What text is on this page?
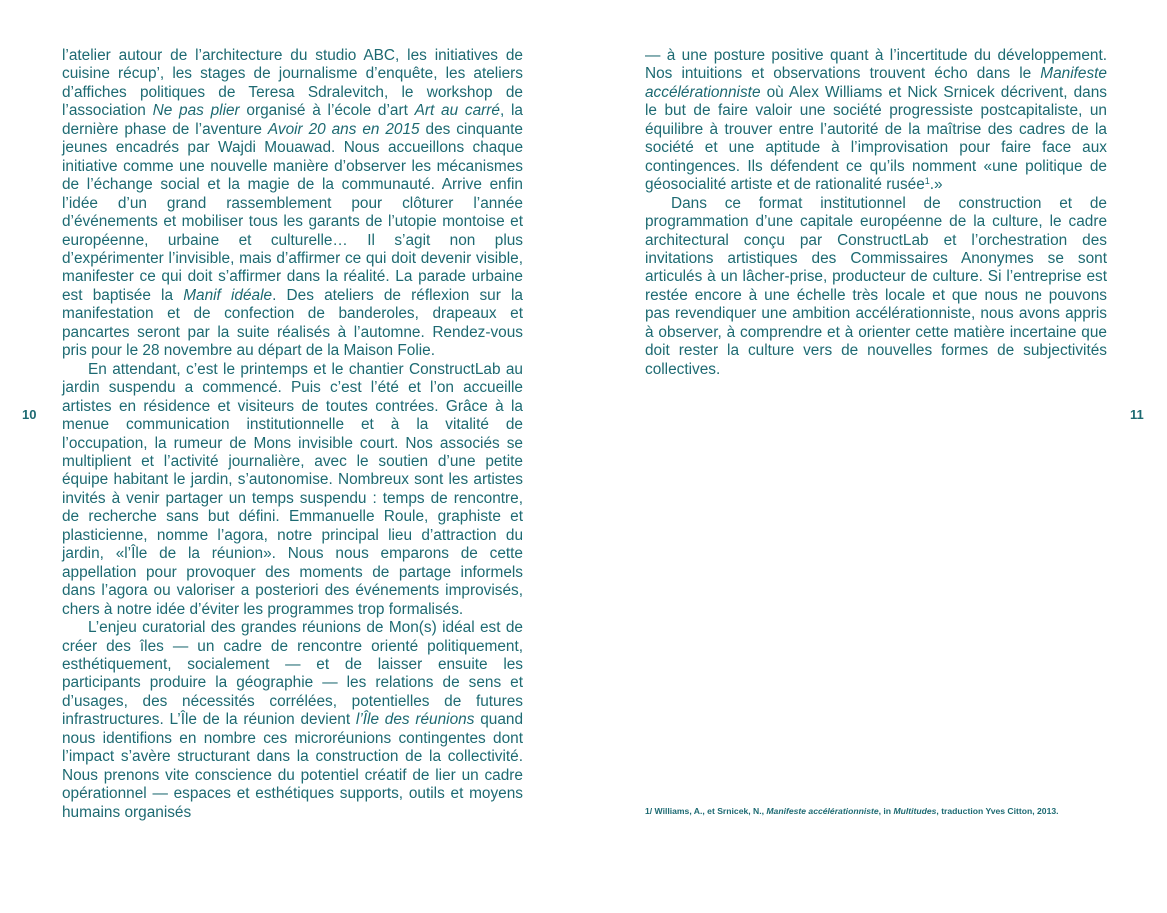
10	11

l’atelier autour de l’architecture du studio ABC, les initiatives de cuisine récup’, les stages de journalisme d’enquête, les ateliers d’affiches politiques de Teresa Sdralevitch, le workshop de l’association Ne pas plier organisé à l’école d’art Art au carré, la dernière phase de l’aventure Avoir 20 ans en 2015 des cinquante jeunes encadrés par Wajdi Mouawad. Nous accueillons chaque initiative comme une nouvelle manière d’observer les mécanismes de l’échange social et la magie de la communauté. Arrive enfin l’idée d’un grand rassemblement pour clôturer l’année d’événements et mobiliser tous les garants de l’utopie montoise et européenne, urbaine et culturelle… Il s’agit non plus d’expérimenter l’invisible, mais d’affirmer ce qui doit devenir visible, manifester ce qui doit s’affirmer dans la réalité. La parade urbaine est baptisée la Manif idéale. Des ateliers de réflexion sur la manifestation et de confection de banderoles, drapeaux et pancartes seront par la suite réalisés à l’automne. Rendez-vous pris pour le 28 novembre au départ de la Maison Folie.

En attendant, c’est le printemps et le chantier ConstructLab au jardin suspendu a commencé. Puis c’est l’été et l’on accueille artistes en résidence et visiteurs de toutes contrées. Grâce à la menue communication institutionnelle et à la vitalité de l’occupation, la rumeur de Mons invisible court. Nos associés se multiplient et l’activité journalière, avec le soutien d’une petite équipe habitant le jardin, s’autonomise. Nombreux sont les artistes invités à venir partager un temps suspendu : temps de rencontre, de recherche sans but défini. Emmanuelle Roule, graphiste et plasticienne, nomme l’agora, notre principal lieu d’attraction du jardin, «l’Île de la réunion». Nous nous emparons de cette appellation pour provoquer des moments de partage informels dans l’agora ou valoriser a posteriori des événements improvisés, chers à notre idée d’éviter les programmes trop formalisés.

L’enjeu curatorial des grandes réunions de Mon(s) idéal est de créer des îles — un cadre de rencontre orienté politiquement, esthétiquement, socialement — et de laisser ensuite les participants produire la géographie — les relations de sens et d’usages, des nécessités corrélées, potentielles de futures infrastructures. L’Île de la réunion devient l’Île des réunions quand nous identifions en nombre ces microréunions contingentes dont l’impact s’avère structurant dans la construction de la collectivité. Nous prenons vite conscience du potentiel créatif de lier un cadre opérationnel — espaces et esthétiques supports, outils et moyens humains organisés

— à une posture positive quant à l’incertitude du développement. Nos intuitions et observations trouvent écho dans le Manifeste accélérationniste où Alex Williams et Nick Srnicek décrivent, dans le but de faire valoir une société progressiste postcapitaliste, un équilibre à trouver entre l’autorité de la maîtrise des cadres de la société et une aptitude à l’improvisation pour faire face aux contingences. Ils défendent ce qu’ils nomment «une politique de géosocialité artiste et de rationalité rusée$^1$.»

Dans ce format institutionnel de construction et de programmation d’une capitale européenne de la culture, le cadre architectural conçu par ConstructLab et l’orchestration des invitations artistiques des Commissaires Anonymes se sont articulés à un lâcher-prise, producteur de culture. Si l’entreprise est restée encore à une échelle très locale et que nous ne pouvons pas revendiquer une ambition accélérationniste, nous avons appris à observer, à comprendre et à orienter cette matière incertaine que doit rester la culture vers de nouvelles formes de subjectivités collectives.

1/ Williams, A., et Srnicek, N., Manifeste accélérationniste, in Multitudes, traduction Yves Citton, 2013.
